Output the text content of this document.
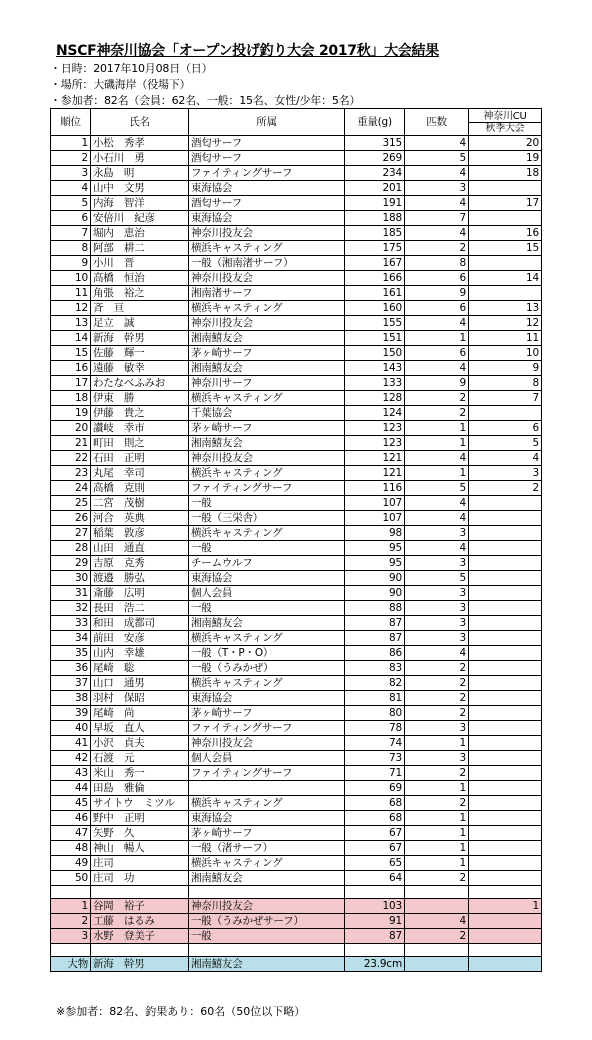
NSCF神奈川協会「オープン投げ釣り大会 2017秋」大会結果
・日時：2017年10月08日（日）
・場所：大磯海岸（役場下）
・参加者：82名（会員：62名、一般：15名、女性/少年：5名）
順位	氏名	所属	重量(g)	匹数	神奈川CU
秋季大会

1	小松　秀孝	酒匂サーフ	315	4	20
2	小石川　勇	酒匂サーフ	269	5	19
3	永島　明	ファイティングサーフ	234	4	18
4	山中　文男	東海協会	201	3	
5	内海　智洋	酒匂サーフ	191	4	17
6	安倍川　紀彦	東海協会	188	7	
7	堀内　恵治	神奈川投友会	185	4	16
8	阿部　耕二	横浜キャスティング	175	2	15
9	小川　晋	一般（湘南渚サーフ）	167	8	
10	高橋　恒治	神奈川投友会	166	6	14
11	角張　裕之	湘南渚サーフ	161	9	
12	斉　亘	横浜キャスティング	160	6	13
13	足立　誠	神奈川投友会	155	4	12
14	新海　幹男	湘南鱚友会	151	1	11
15	佐藤　輝一	茅ヶ崎サーフ	150	6	10
16	遠藤　敏幸	湘南鱚友会	143	4	9
17	わたなべふみお	神奈川サーフ	133	9	8
18	伊東　勝	横浜キャスティング	128	2	7
19	伊藤　貴之	千葉協会	124	2	
20	讃岐　幸市	茅ヶ崎サーフ	123	1	6
21	町田　則之	湘南鱚友会	123	1	5
22	石田　正明	神奈川投友会	121	4	4
23	丸尾　幸司	横浜キャスティング	121	1	3
24	高橋　克則	ファイティングサーフ	116	5	2
25	二宮　茂樹	一般	107	4	
26	河合　英典	一般（三栄舎）	107	4	
27	稲葉　敦彦	横浜キャスティング	98	3	
28	山田　通直	一般	95	4	
29	吉原　克秀	チームウルフ	95	3	
30	渡邉　勝弘	東海協会	90	5	
31	斎藤　広明	個人会員	90	3	
32	長田　浩二	一般	88	3	
33	和田　成都司	湘南鱚友会	87	3	
34	前田　安彦	横浜キャスティング	87	3	
35	山内　幸雄	一般（T・P・O）	86	4	
36	尾崎　聡	一般（うみかぜ）	83	2	
37	山口　通男	横浜キャスティング	82	2	
38	羽村　保昭	東海協会	81	2	
39	尾崎　尚	茅ヶ崎サーフ	80	2	
40	早坂　直人	ファイティングサーフ	78	3	
41	小沢　貞夫	神奈川投友会	74	1	
42	石渡　元	個人会員	73	3	
43	米山　秀一	ファイティングサーフ	71	2	
44	田島　雅倫		69	1	
45	サイトウ　ミツル	横浜キャスティング	68	2	
46	野中　正明	東海協会	68	1	
47	矢野　久	茅ヶ崎サーフ	67	1	
48	神山　暢人	一般（渚サーフ）	67	1	
49	庄司	横浜キャスティング	65	1	
50	庄司　功	湘南鱚友会	64	2	

1	谷岡　裕子	神奈川投友会	103		1
2	工藤　はるみ	一般（うみかぜサーフ）	91	4	
3	水野　登美子	一般	87	2	

大物	新海　幹男	湘南鱚友会	23.9cm		
※参加者：82名、釣果あり：60名（50位以下略）
